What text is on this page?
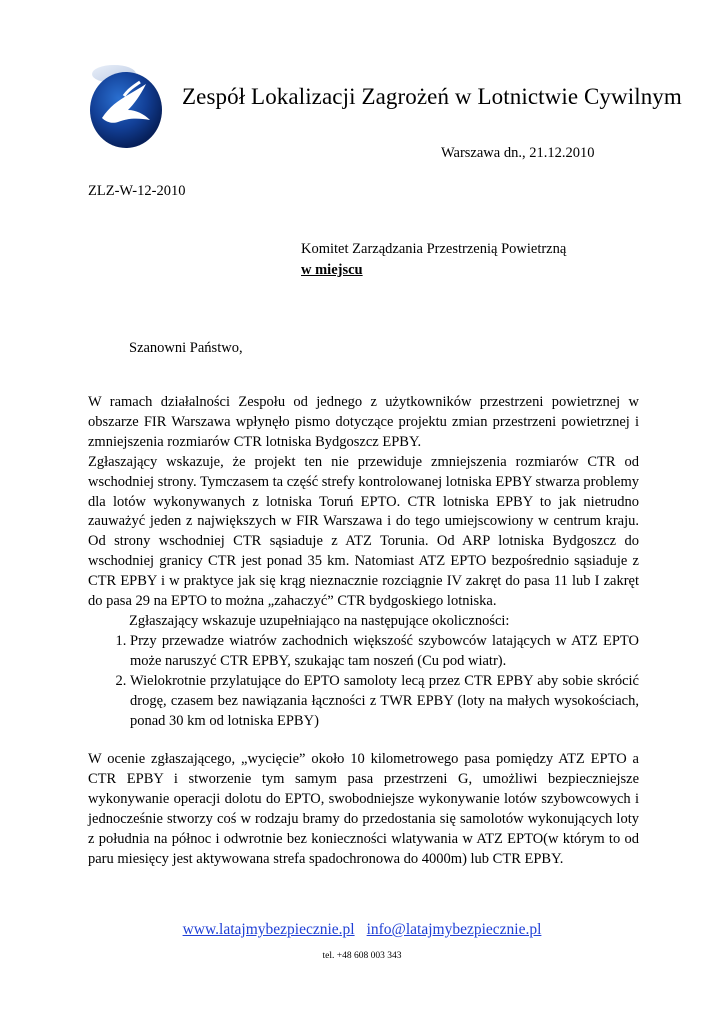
Zespół Lokalizacji Zagrożeń w Lotnictwie Cywilnym
Warszawa dn., 21.12.2010
ZLZ-W-12-2010
Komitet Zarządzania Przestrzenią Powietrzną
w miejscu
Szanowni Państwo,

W ramach działalności Zespołu od jednego z użytkowników przestrzeni powietrznej w obszarze FIR Warszawa wpłynęło pismo dotyczące projektu zmian przestrzeni powietrznej i zmniejszenia rozmiarów CTR lotniska Bydgoszcz EPBY.

Zgłaszający wskazuje, że projekt ten nie przewiduje zmniejszenia rozmiarów CTR od wschodniej strony. Tymczasem ta część strefy kontrolowanej lotniska EPBY stwarza problemy dla lotów wykonywanych z lotniska Toruń EPTO. CTR lotniska EPBY to jak nietrudno zauważyć jeden z największych w FIR Warszawa i do tego umiejscowiony w centrum kraju. Od strony wschodniej CTR sąsiaduje z ATZ Torunia. Od ARP lotniska Bydgoszcz do wschodniej granicy CTR jest ponad 35 km. Natomiast ATZ EPTO bezpośrednio sąsiaduje z CTR EPBY i w praktyce jak się krąg nieznacznie rozciągnie IV zakręt do pasa 11 lub I zakręt do pasa 29 na EPTO to można „zahaczyć” CTR bydgoskiego lotniska.

Zgłaszający wskazuje uzupełniająco na następujące okoliczności:

1. Przy przewadze wiatrów zachodnich większość szybowców latających w ATZ EPTO może naruszyć CTR EPBY, szukając tam noszeń (Cu pod wiatr).
2. Wielokrotnie przylatujące do EPTO samoloty lecą przez CTR EPBY aby sobie skrócić drogę, czasem bez nawiązania łączności z TWR EPBY (loty na małych wysokościach, ponad 30 km od lotniska EPBY)

W ocenie zgłaszającego, „wycięcie” około 10 kilometrowego pasa pomiędzy ATZ EPTO a CTR EPBY i stworzenie tym samym pasa przestrzeni G, umożliwi bezpieczniejsze wykonywanie operacji dolotu do EPTO, swobodniejsze wykonywanie lotów szybowcowych i jednocześnie stworzy coś w rodzaju bramy do przedostania się samolotów wykonujących loty z południa na północ i odwrotnie bez konieczności wlatywania w ATZ EPTO(w którym to od paru miesięcy jest aktywowana strefa spadochronowa do 4000m) lub CTR EPBY.

www.latajmybezpiecznie.pl info@latajmybezpiecznie.pl
tel. +48 608 003 343
